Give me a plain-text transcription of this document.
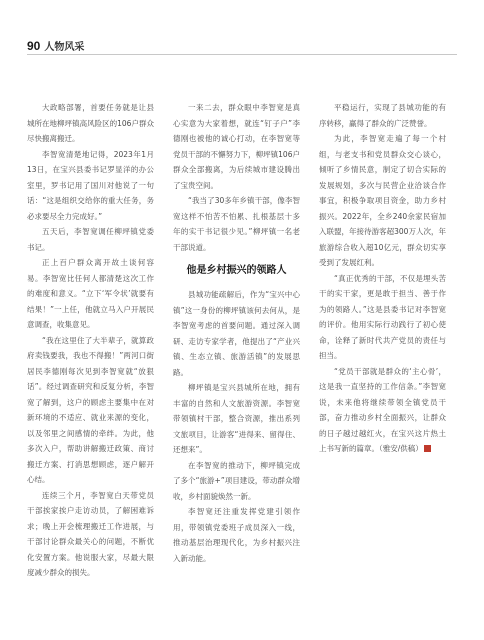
90 人物风采

大政略部署，首要任务就是让县城所在地柳坪镇高风险区的106户群众尽快搬离搬迁。

李智宽清楚地记得，2023年1月13日，在宝兴县委书记罗显洋的办公室里，罗书记用了国川对他说了一句话：“这是组织交给你的重大任务，务必求要尽全力完成好。”

五天后，李智宽调任柳坪镇党委书记。

正上百户群众离开故土谈何容易。李智宽比任何人都清楚这次工作的难度和意义。“立下‘军令状’就要有结果！”一上任，他就立马入户开展民意调查，收集意见。

“我在这里住了大半辈子，就算政府卖钱要我，我也不得搬！”两河口街居民李德刚每次见到李智宽就“放狠话”。经过调查研究和反复分析，李智宽了解到，这户的顾虑主要集中在对新环境的不适应、就业来源的变化，以及邻里之间感情的牵绊。为此，他多次入户，帮助讲解搬迁政策、商讨搬迁方案、打消思想顾虑，逐户解开心结。

连续三个月，李智宽白天带党员干部挨家挨户走访动员，了解困难诉求；晚上开会梳理搬迁工作进展，与干部讨论群众最关心的问题，不断优化安置方案。他说服大家，尽最大限度减少群众的损失。

一来二去，群众眼中李智宽是真心实意为大家着想，就连“钉子户”李德刚也被他的诚心打动，在李智宽等党员干部的不懈努力下，柳坪镇106户群众全部搬离，为后续城市建设腾出了宝贵空间。

“我当了30多年乡镇干部，像李智宽这样不怕苦不怕累、扎根基层十多年的实干书记很少见。”柳坪镇一名老干部说道。

他是乡村振兴的领路人

县城功能疏解后，作为“宝兴中心镇”这一身份的柳坪镇该何去何从，是李智宽考虑的首要问题。通过深入调研、走访专家学者，他提出了“产业兴镇、生态立镇、旅游活镇”的发展思路。

柳坪镇是宝兴县城所在地，拥有丰富的自然和人文旅游资源。李智宽带领镇村干部，整合资源，推出系列文旅项目，让游客“进得来、留得住、还想来”。

在李智宽的推动下，柳坪镇完成了多个“旅游+”项目建设，带动群众增收，乡村面貌焕然一新。

李智宽还注重发挥党建引领作用，带领镇党委班子成员深入一线，推动基层治理现代化，为乡村振兴注入新动能。

平稳运行，实现了县城功能的有序转移，赢得了群众的广泛赞誉。

为此，李智宽走遍了每一个村组，与老支书和党员群众交心谈心，倾听了乡情民意，制定了切合实际的发展规划，多次与民营企业洽谈合作事宜，积极争取项目资金，助力乡村振兴。2022年，全乡240余家民宿加入联盟，年接待游客超300万人次，年旅游综合收入超10亿元，群众切实享受到了发展红利。

“真正优秀的干部，不仅是埋头苦干的实干家，更是敢于担当、善于作为的领路人。”这是县委书记对李智宽的评价。他用实际行动践行了初心使命，诠释了新时代共产党员的责任与担当。

“党员干部就是群众的‘主心骨’，这是我一直坚持的工作信条。”李智宽说，未来他将继续带领全镇党员干部，奋力推动乡村全面振兴，让群众的日子越过越红火，在宝兴这片热土上书写新的篇章。（雅安/供稿）
